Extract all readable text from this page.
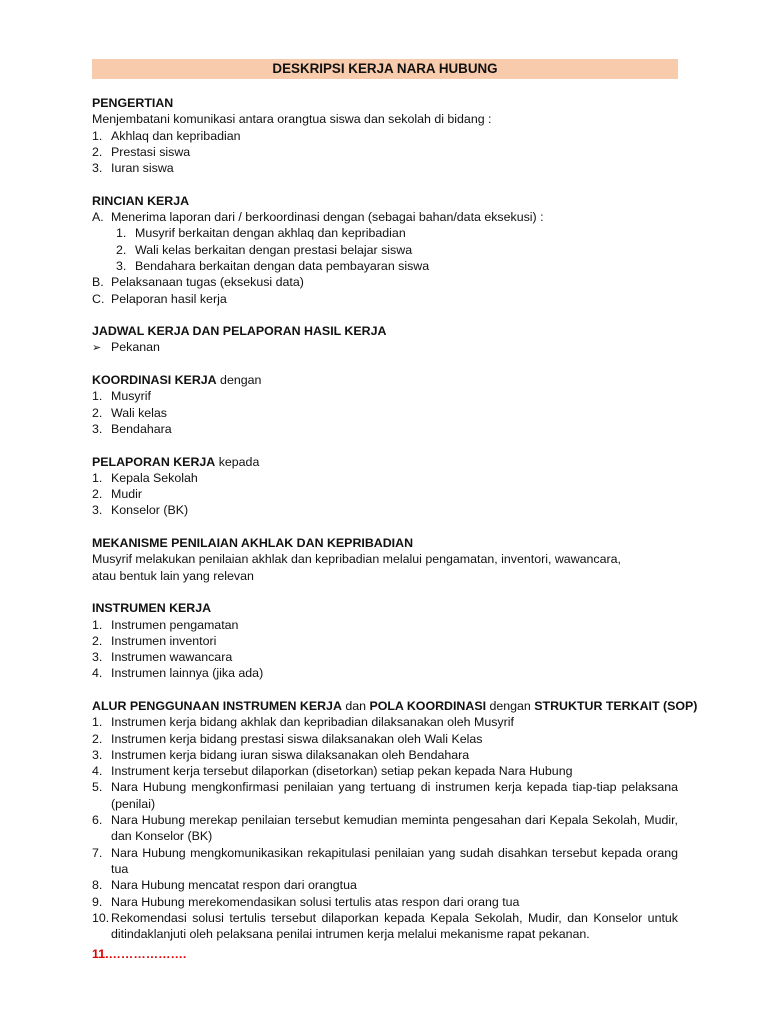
DESKRIPSI KERJA NARA HUBUNG
PENGERTIAN
Menjembatani komunikasi antara orangtua siswa dan sekolah di bidang :
1. Akhlaq dan kepribadian
2. Prestasi siswa
3. Iuran siswa
RINCIAN KERJA
A. Menerima laporan dari / berkoordinasi dengan (sebagai bahan/data eksekusi) :
1. Musyrif berkaitan dengan akhlaq dan kepribadian
2. Wali kelas berkaitan dengan prestasi belajar siswa
3. Bendahara berkaitan dengan data pembayaran siswa
B. Pelaksanaan tugas (eksekusi data)
C. Pelaporan hasil kerja
JADWAL KERJA DAN PELAPORAN HASIL KERJA
➢ Pekanan
KOORDINASI KERJA dengan
1. Musyrif
2. Wali kelas
3. Bendahara
PELAPORAN KERJA kepada
1. Kepala Sekolah
2. Mudir
3. Konselor (BK)
MEKANISME PENILAIAN AKHLAK DAN KEPRIBADIAN
Musyrif melakukan penilaian akhlak dan kepribadian melalui pengamatan, inventori, wawancara,
atau bentuk lain yang relevan
INSTRUMEN KERJA
1. Instrumen pengamatan
2. Instrumen inventori
3. Instrumen wawancara
4. Instrumen lainnya (jika ada)
ALUR PENGGUNAAN INSTRUMEN KERJA dan POLA KOORDINASI dengan STRUKTUR TERKAIT (SOP)
1. Instrumen kerja bidang akhlak dan kepribadian dilaksanakan oleh Musyrif
2. Instrumen kerja bidang prestasi siswa dilaksanakan oleh Wali Kelas
3. Instrumen kerja bidang iuran siswa dilaksanakan oleh Bendahara
4. Instrument kerja tersebut dilaporkan (disetorkan) setiap pekan kepada Nara Hubung
5. Nara Hubung mengkonfirmasi penilaian yang tertuang di instrumen kerja kepada tiap-tiap pelaksana (penilai)
6. Nara Hubung merekap penilaian tersebut kemudian meminta pengesahan dari Kepala Sekolah, Mudir, dan Konselor (BK)
7. Nara Hubung mengkomunikasikan rekapitulasi penilaian yang sudah disahkan tersebut kepada orang tua
8. Nara Hubung mencatat respon dari orangtua
9. Nara Hubung merekomendasikan solusi tertulis atas respon dari orang tua
10. Rekomendasi solusi tertulis tersebut dilaporkan kepada Kepala Sekolah, Mudir, dan Konselor untuk ditindaklanjuti oleh pelaksana penilai intrumen kerja melalui mekanisme rapat pekanan.
11.……………….
